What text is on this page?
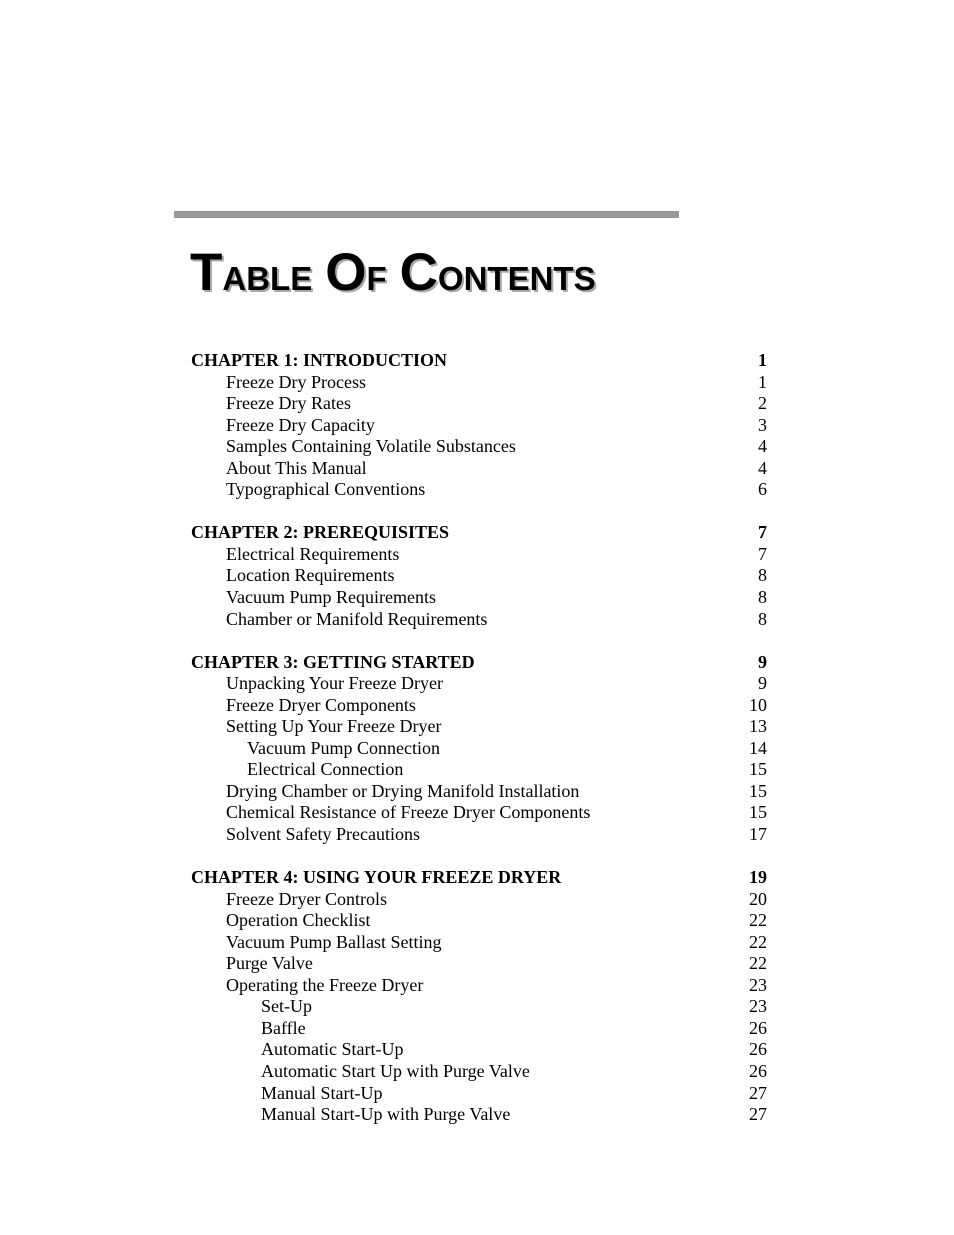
TABLE OF CONTENTS
CHAPTER 1: INTRODUCTION	1
Freeze Dry Process	1
Freeze Dry Rates	2
Freeze Dry Capacity	3
Samples Containing Volatile Substances	4
About This Manual	4
Typographical Conventions	6
CHAPTER 2: PREREQUISITES	7
Electrical Requirements	7
Location Requirements	8
Vacuum Pump Requirements	8
Chamber or Manifold Requirements	8
CHAPTER 3: GETTING STARTED	9
Unpacking Your Freeze Dryer	9
Freeze Dryer Components	10
Setting Up Your Freeze Dryer	13
Vacuum Pump Connection	14
Electrical Connection	15
Drying Chamber or Drying Manifold Installation	15
Chemical Resistance of Freeze Dryer Components	15
Solvent Safety Precautions	17
CHAPTER 4: USING YOUR FREEZE DRYER	19
Freeze Dryer Controls	20
Operation Checklist	22
Vacuum Pump Ballast Setting	22
Purge Valve	22
Operating the Freeze Dryer	23
Set-Up	23
Baffle	26
Automatic Start-Up	26
Automatic Start Up with Purge Valve	26
Manual Start-Up	27
Manual Start-Up with Purge Valve	27
